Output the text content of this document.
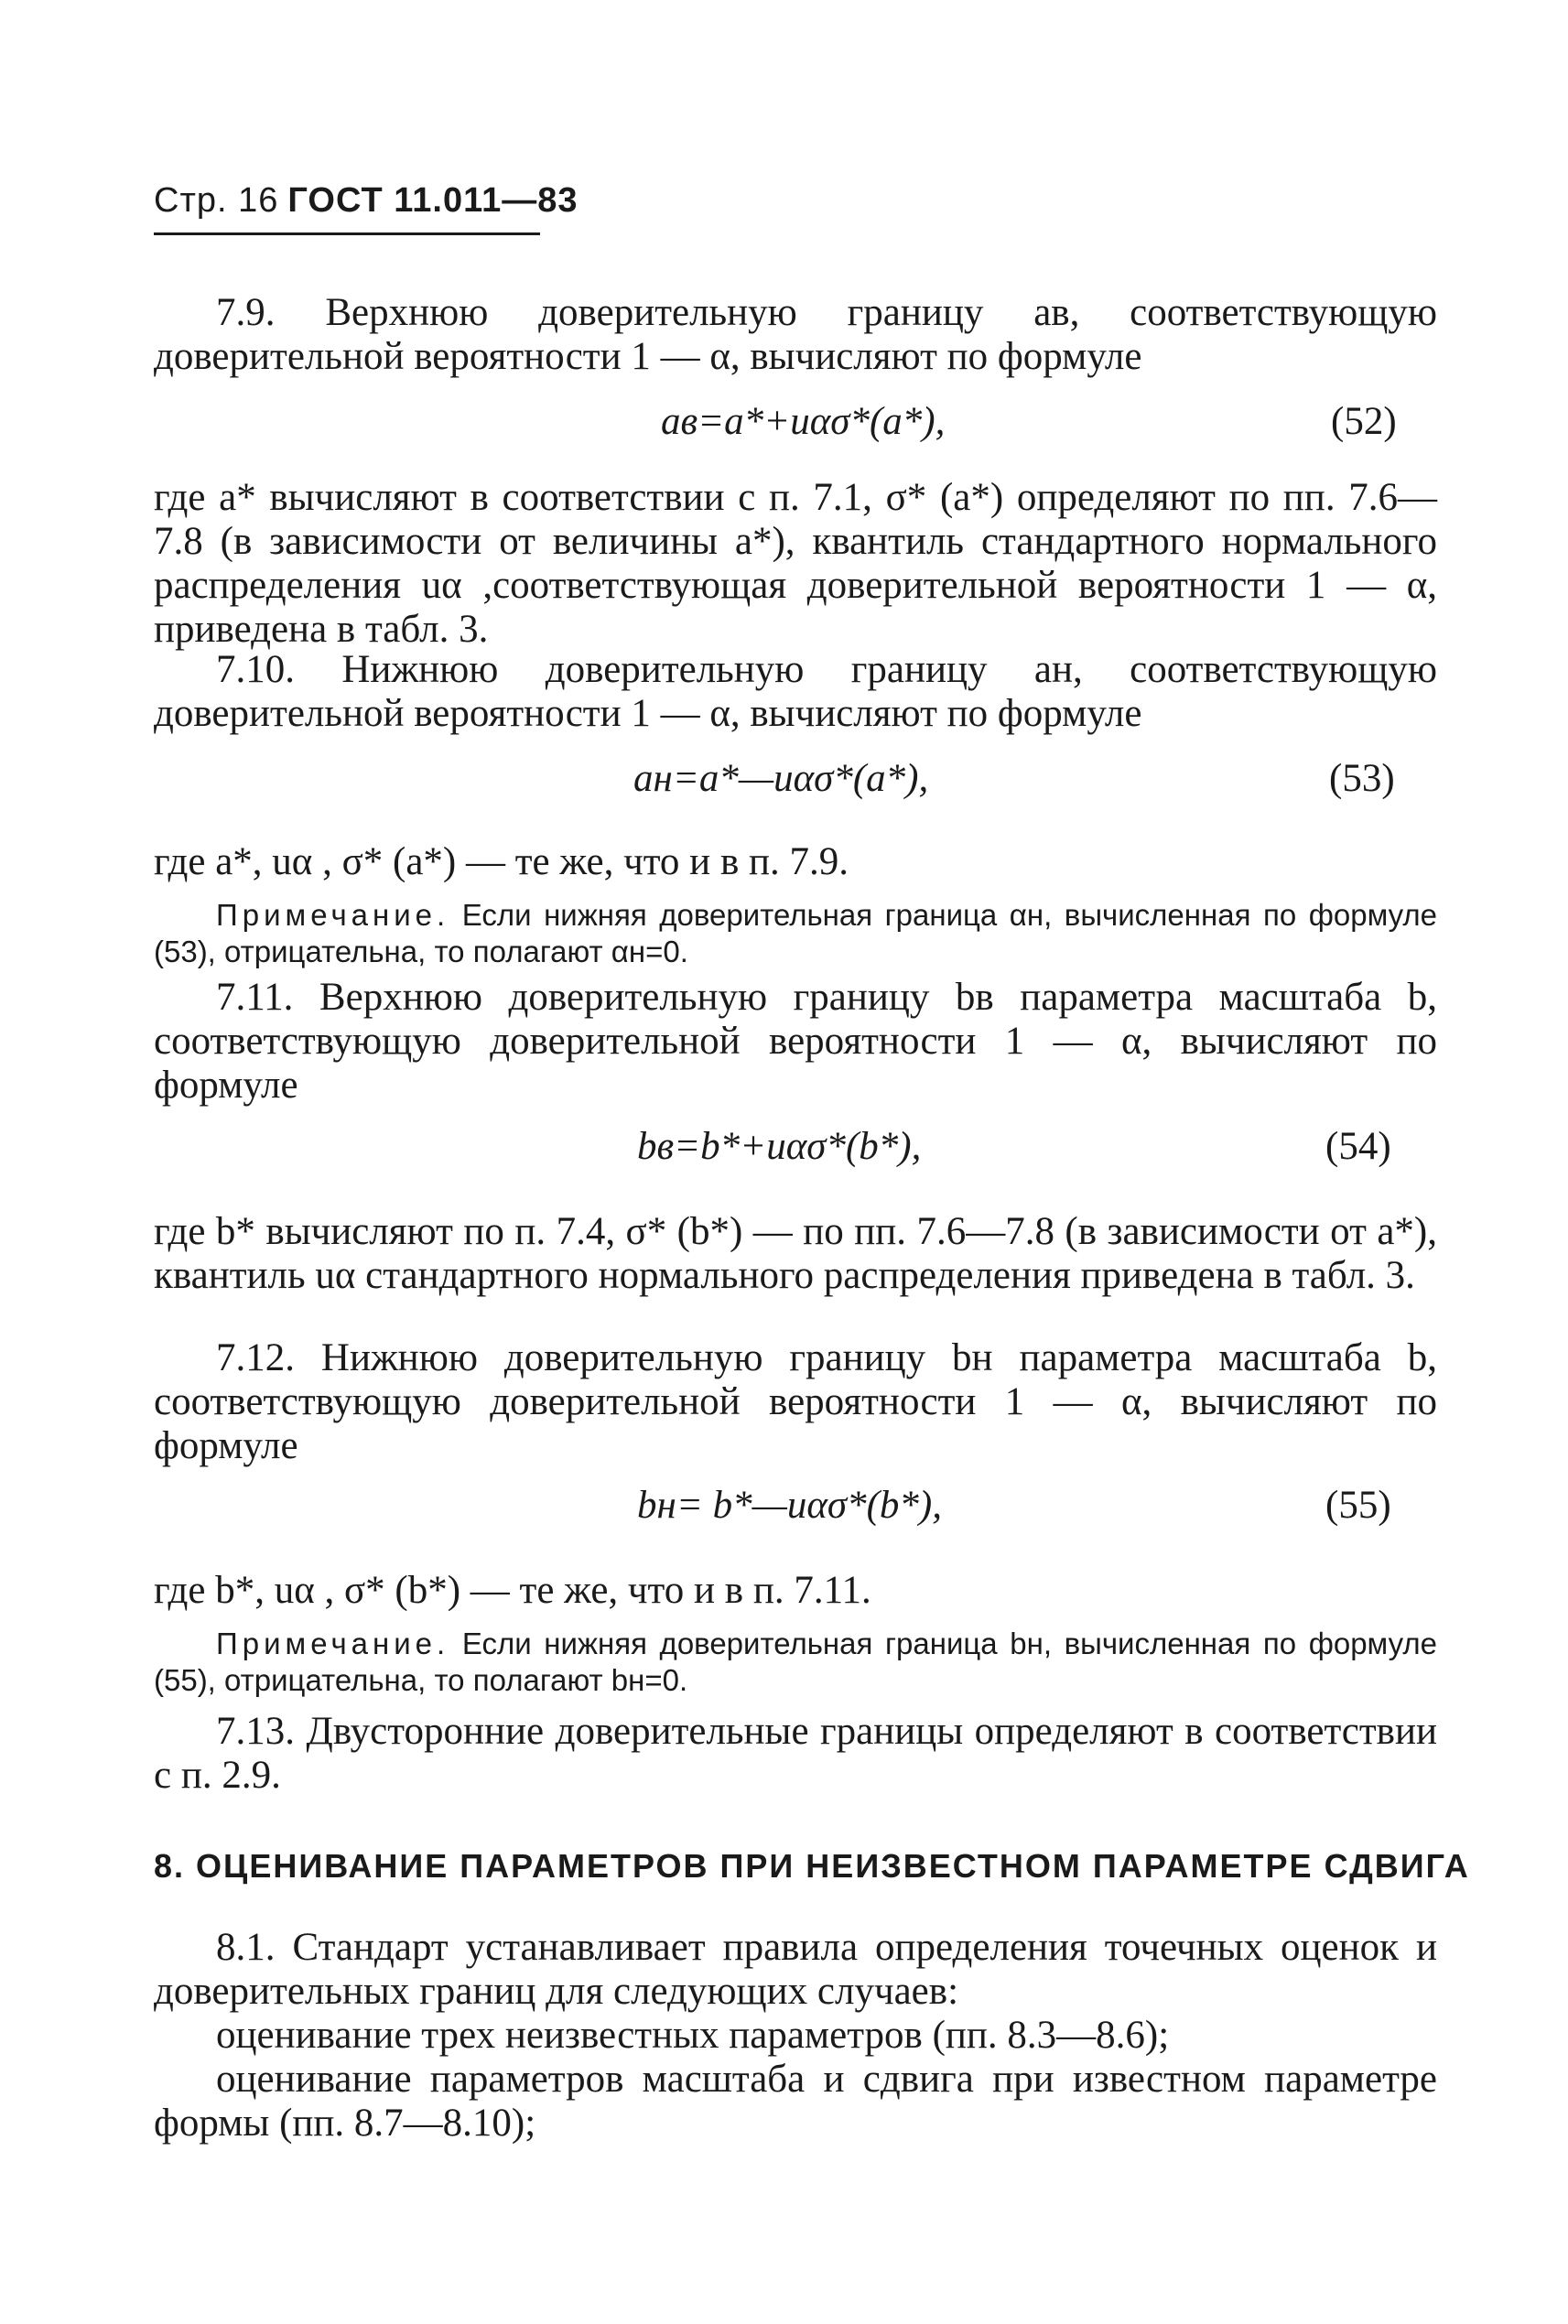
Стр. 16 ГОСТ 11.011—83

7.9. Верхнюю доверительную границу aв, соответствующую доверительной вероятности 1 — α, вычисляют по формуле

aв=a*+uασ*(a*),	(52)

где a* вычисляют в соответствии с п. 7.1, σ* (a*) определяют по пп. 7.6—7.8 (в зависимости от величины a*), квантиль стандартного нормального распределения uα ,соответствующая доверительной вероятности 1 — α, приведена в табл. 3.

7.10. Нижнюю доверительную границу aн, соответствующую доверительной вероятности 1 — α, вычисляют по формуле

aн=a*—uασ*(a*),	(53)

где a*, uα , σ* (a*) — те же, что и в п. 7.9.

Примечание. Если нижняя доверительная граница αн, вычисленная по формуле (53), отрицательна, то полагают αн=0.

7.11. Верхнюю доверительную границу bв параметра масштаба b, соответствующую доверительной вероятности 1 — α, вычисляют по формуле

bв=b*+uασ*(b*),	(54)

где b* вычисляют по п. 7.4, σ* (b*) — по пп. 7.6—7.8 (в зависимости от a*), квантиль uα стандартного нормального распределения приведена в табл. 3.

7.12. Нижнюю доверительную границу bн параметра масштаба b, соответствующую доверительной вероятности 1 — α, вычисляют по формуле

bн= b*—uασ*(b*),	(55)

где b*, uα , σ* (b*) — те же, что и в п. 7.11.

Примечание. Если нижняя доверительная граница bн, вычисленная по формуле (55), отрицательна, то полагают bн=0.

7.13. Двусторонние доверительные границы определяют в соответствии с п. 2.9.

8. ОЦЕНИВАНИЕ ПАРАМЕТРОВ ПРИ НЕИЗВЕСТНОМ ПАРАМЕТРЕ СДВИГА

8.1. Стандарт устанавливает правила определения точечных оценок и доверительных границ для следующих случаев:

оценивание трех неизвестных параметров (пп. 8.3—8.6);

оценивание параметров масштаба и сдвига при известном параметре формы (пп. 8.7—8.10);
